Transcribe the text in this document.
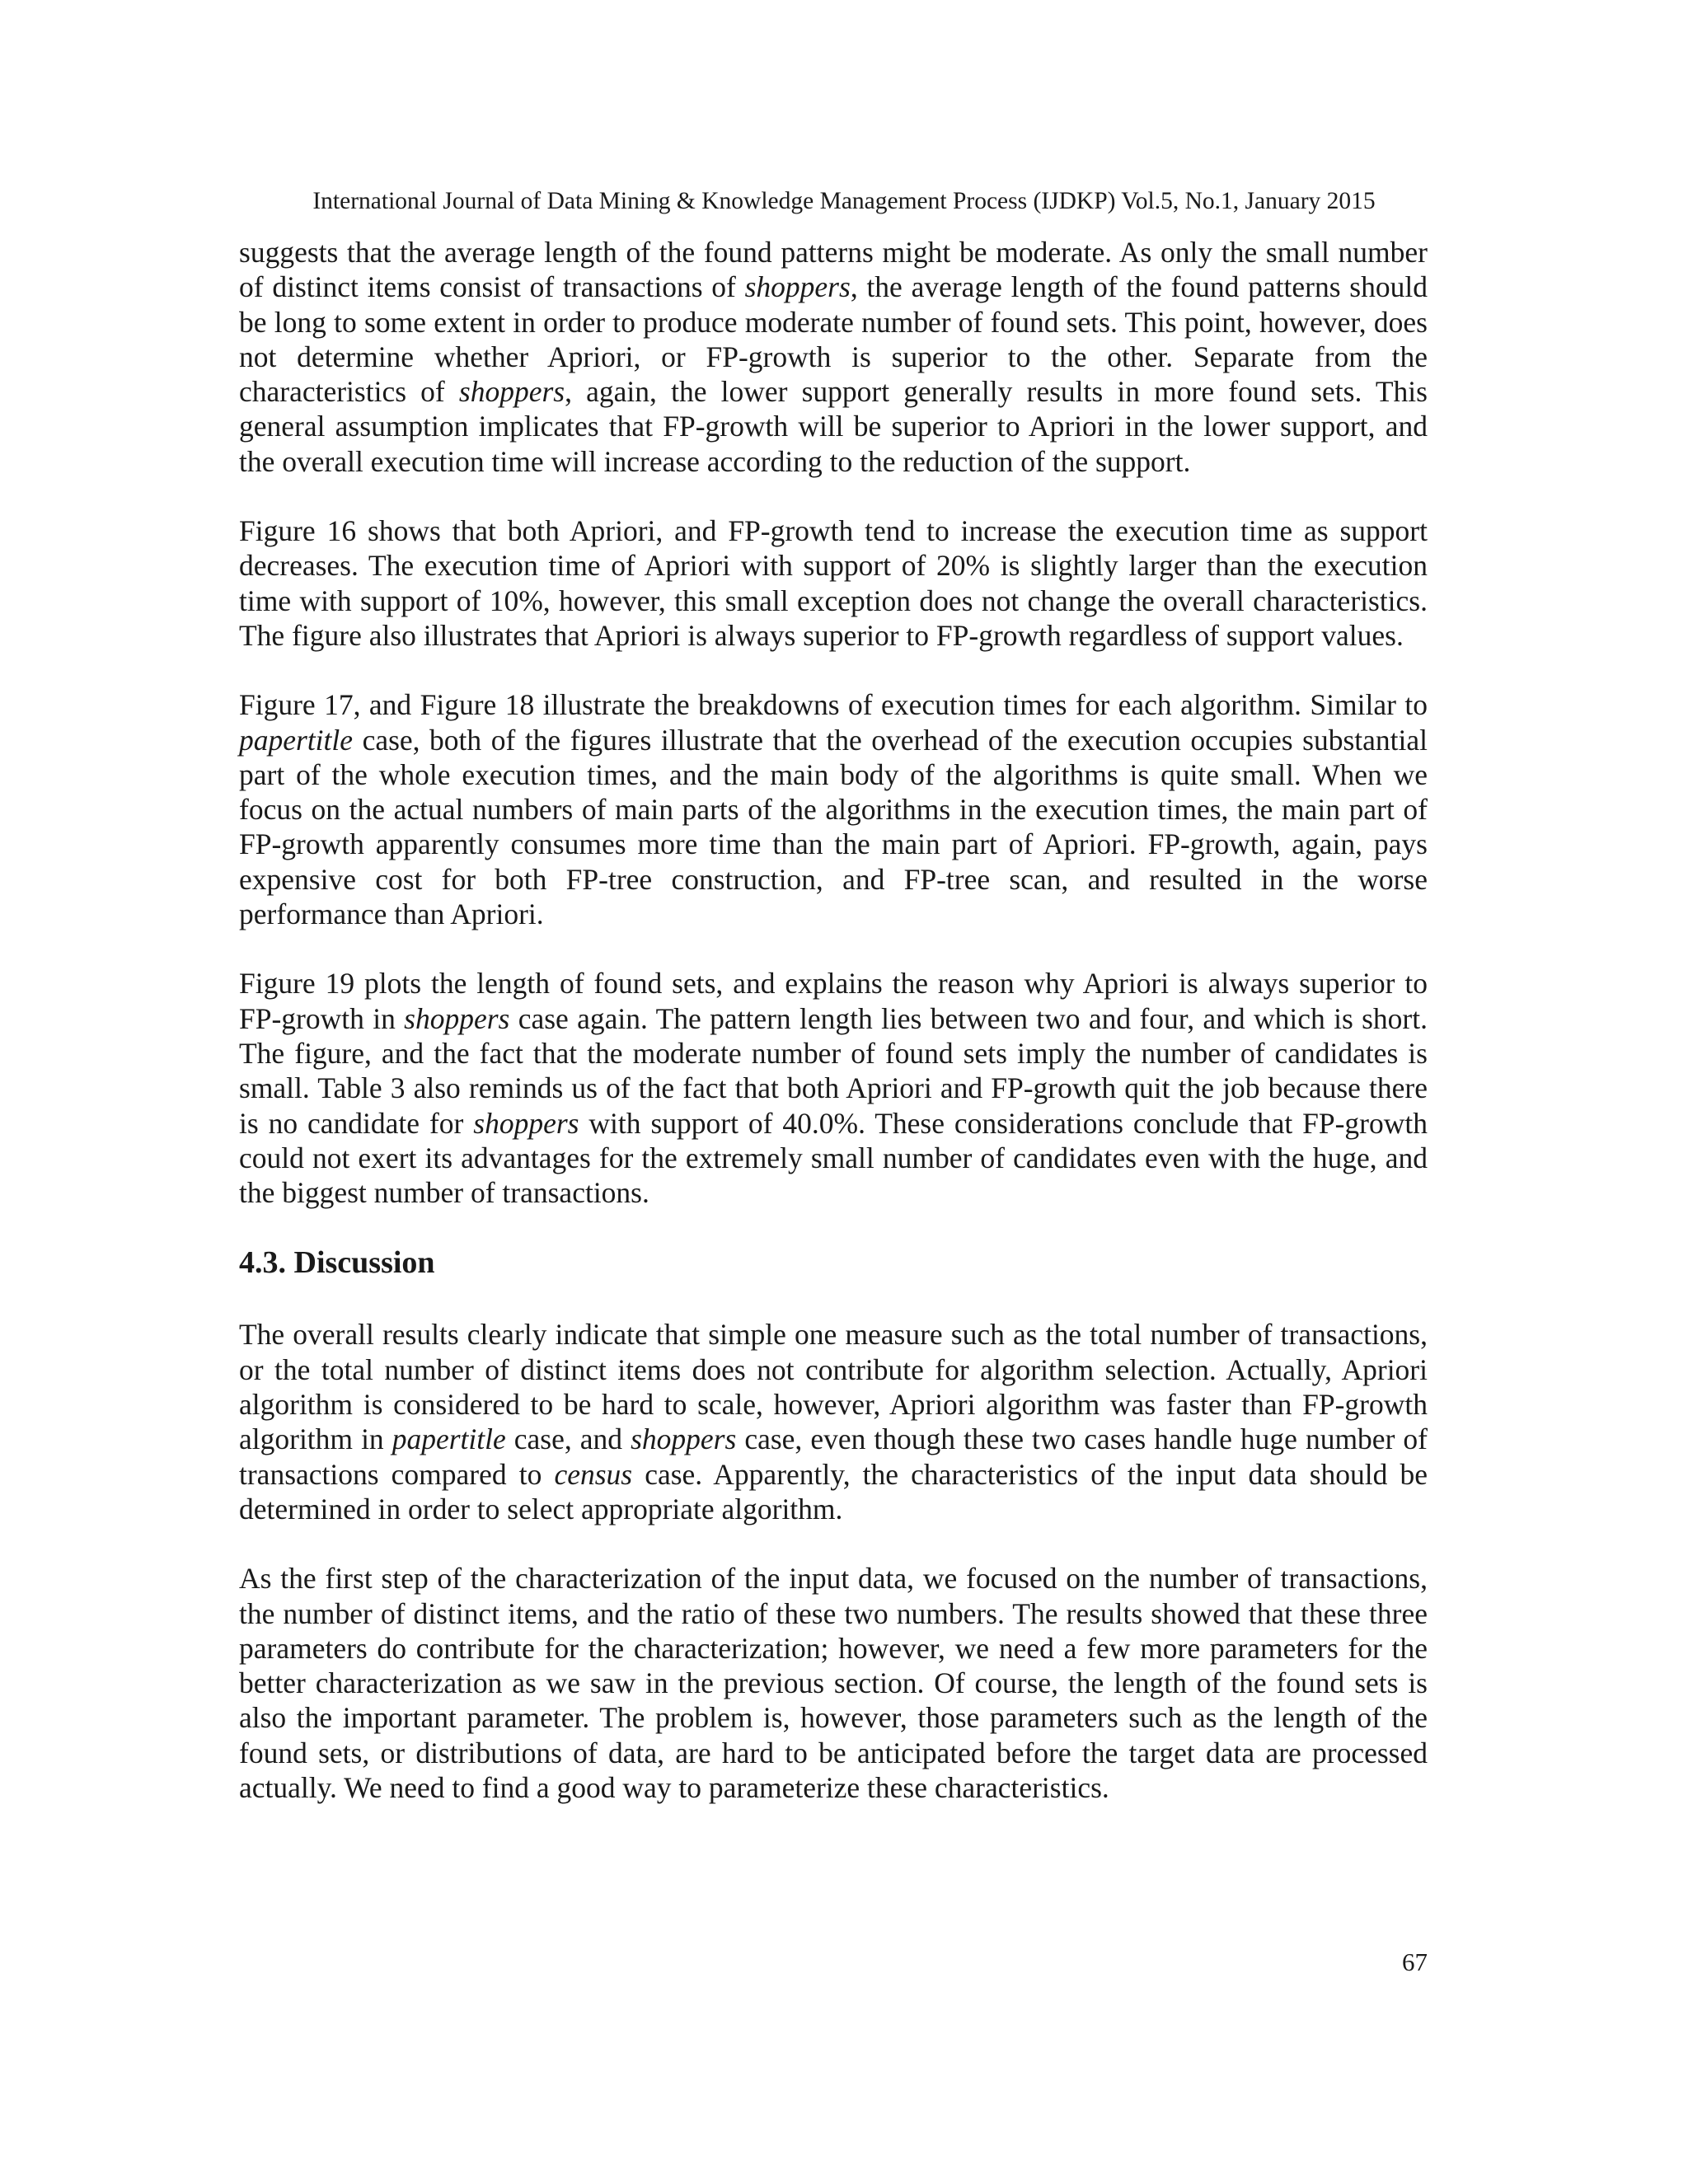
International Journal of Data Mining & Knowledge Management Process (IJDKP) Vol.5, No.1, January 2015

suggests that the average length of the found patterns might be moderate. As only the small number of distinct items consist of transactions of shoppers, the average length of the found patterns should be long to some extent in order to produce moderate number of found sets. This point, however, does not determine whether Apriori, or FP-growth is superior to the other. Separate from the characteristics of shoppers, again, the lower support generally results in more found sets. This general assumption implicates that FP-growth will be superior to Apriori in the lower support, and the overall execution time will increase according to the reduction of the support.

Figure 16 shows that both Apriori, and FP-growth tend to increase the execution time as support decreases. The execution time of Apriori with support of 20% is slightly larger than the execution time with support of 10%, however, this small exception does not change the overall characteristics. The figure also illustrates that Apriori is always superior to FP-growth regardless of support values.

Figure 17, and Figure 18 illustrate the breakdowns of execution times for each algorithm. Similar to papertitle case, both of the figures illustrate that the overhead of the execution occupies substantial part of the whole execution times, and the main body of the algorithms is quite small. When we focus on the actual numbers of main parts of the algorithms in the execution times, the main part of FP-growth apparently consumes more time than the main part of Apriori. FP-growth, again, pays expensive cost for both FP-tree construction, and FP-tree scan, and resulted in the worse performance than Apriori.

Figure 19 plots the length of found sets, and explains the reason why Apriori is always superior to FP-growth in shoppers case again. The pattern length lies between two and four, and which is short. The figure, and the fact that the moderate number of found sets imply the number of candidates is small. Table 3 also reminds us of the fact that both Apriori and FP-growth quit the job because there is no candidate for shoppers with support of 40.0%. These considerations conclude that FP-growth could not exert its advantages for the extremely small number of candidates even with the huge, and the biggest number of transactions.

4.3. Discussion

The overall results clearly indicate that simple one measure such as the total number of transactions, or the total number of distinct items does not contribute for algorithm selection. Actually, Apriori algorithm is considered to be hard to scale, however, Apriori algorithm was faster than FP-growth algorithm in papertitle case, and shoppers case, even though these two cases handle huge number of transactions compared to census case. Apparently, the characteristics of the input data should be determined in order to select appropriate algorithm.

As the first step of the characterization of the input data, we focused on the number of transactions, the number of distinct items, and the ratio of these two numbers. The results showed that these three parameters do contribute for the characterization; however, we need a few more parameters for the better characterization as we saw in the previous section. Of course, the length of the found sets is also the important parameter. The problem is, however, those parameters such as the length of the found sets, or distributions of data, are hard to be anticipated before the target data are processed actually. We need to find a good way to parameterize these characteristics.

67
